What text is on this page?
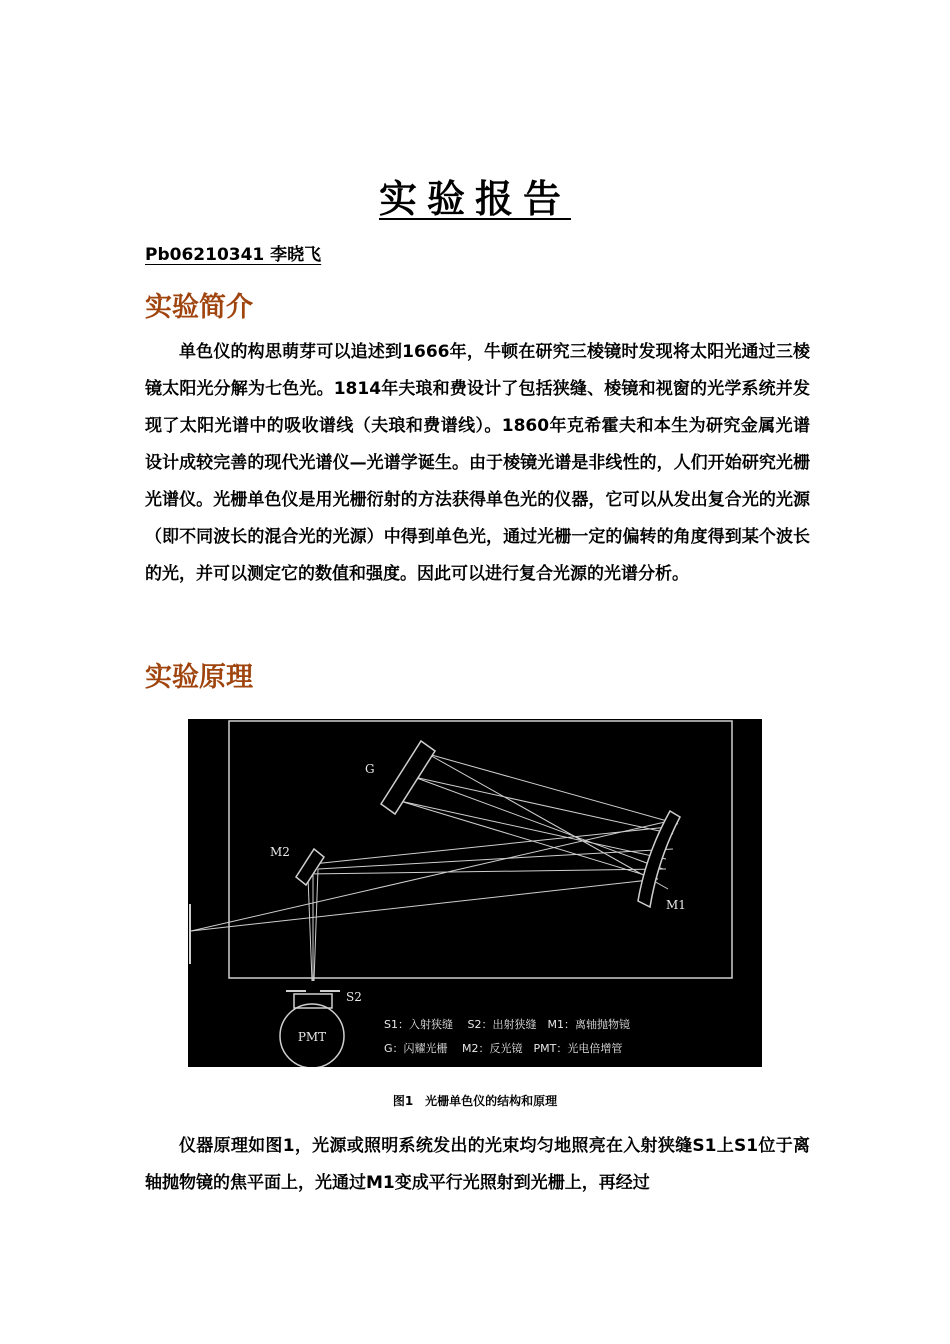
实验报告
Pb06210341 李晓飞
实验简介

单色仪的构思萌芽可以追述到1666年，牛顿在研究三棱镜时发现将太阳光通过三棱镜太阳光分解为七色光。1814年夫琅和费设计了包括狭缝、棱镜和视窗的光学系统并发现了太阳光谱中的吸收谱线（夫琅和费谱线）。1860年克希霍夫和本生为研究金属光谱设计成较完善的现代光谱仪—光谱学诞生。由于棱镜光谱是非线性的，人们开始研究光栅光谱仪。光栅单色仪是用光栅衍射的方法获得单色光的仪器，它可以从发出复合光的光源（即不同波长的混合光的光源）中得到单色光，通过光栅一定的偏转的角度得到某个波长的光，并可以测定它的数值和强度。因此可以进行复合光源的光谱分析。

实验原理
G
M1
M2
PMT
S2
S1：入射狭缝　 S2：出射狭缝　M1：离轴抛物镜
G：闪耀光栅　 M2：反光镜　PMT：光电倍增管
图1　光栅单色仪的结构和原理

仪器原理如图1，光源或照明系统发出的光束均匀地照亮在入射狭缝S1上S1位于离轴抛物镜的焦平面上，光通过M1变成平行光照射到光栅上，再经过
